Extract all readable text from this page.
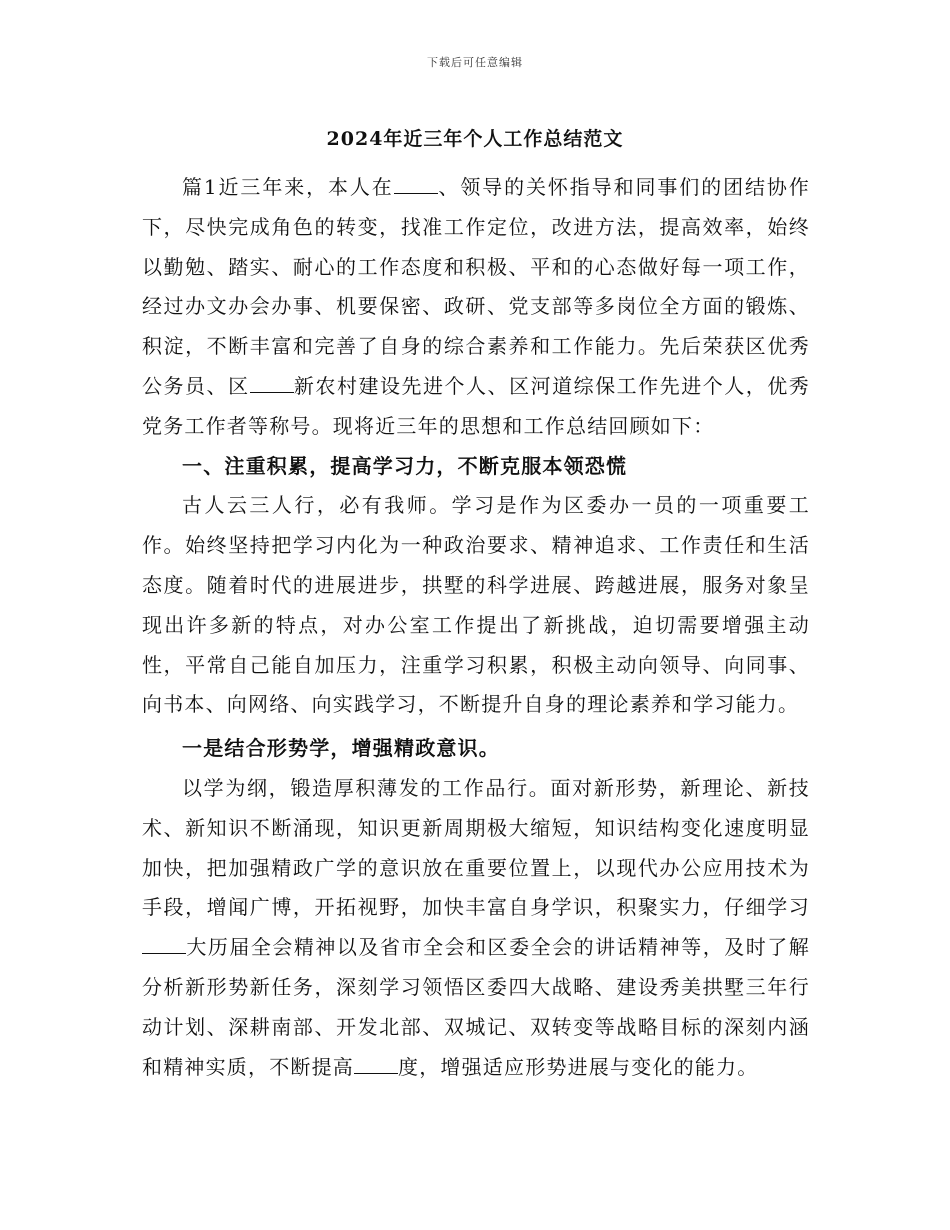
下载后可任意编辑
2024年近三年个人工作总结范文

篇1近三年来，本人在 、领导的关怀指导和同事们的团结协作下，尽快完成角色的转变，找准工作定位，改进方法，提高效率，始终以勤勉、踏实、耐心的工作态度和积极、平和的心态做好每一项工作，经过办文办会办事、机要保密、政研、党支部等多岗位全方面的锻炼、积淀，不断丰富和完善了自身的综合素养和工作能力。先后荣获区优秀公务员、区 新农村建设先进个人、区河道综保工作先进个人，优秀党务工作者等称号。现将近三年的思想和工作总结回顾如下：

一、注重积累，提高学习力，不断克服本领恐慌

古人云三人行，必有我师。学习是作为区委办一员的一项重要工作。始终坚持把学习内化为一种政治要求、精神追求、工作责任和生活态度。随着时代的进展进步，拱墅的科学进展、跨越进展，服务对象呈现出许多新的特点，对办公室工作提出了新挑战，迫切需要增强主动性，平常自己能自加压力，注重学习积累，积极主动向领导、向同事、向书本、向网络、向实践学习，不断提升自身的理论素养和学习能力。

一是结合形势学，增强精政意识。

以学为纲，锻造厚积薄发的工作品行。面对新形势，新理论、新技术、新知识不断涌现，知识更新周期极大缩短，知识结构变化速度明显加快，把加强精政广学的意识放在重要位置上，以现代办公应用技术为手段，增闻广博，开拓视野，加快丰富自身学识，积聚实力，仔细学习大历届全会精神以及省市全会和区委全会的讲话精神等，及时了解分析新形势新任务，深刻学习领悟区委四大战略、建设秀美拱墅三年行动计划、深耕南部、开发北部、双城记、双转变等战略目标的深刻内涵和精神实质，不断提高 度，增强适应形势进展与变化的能力。
